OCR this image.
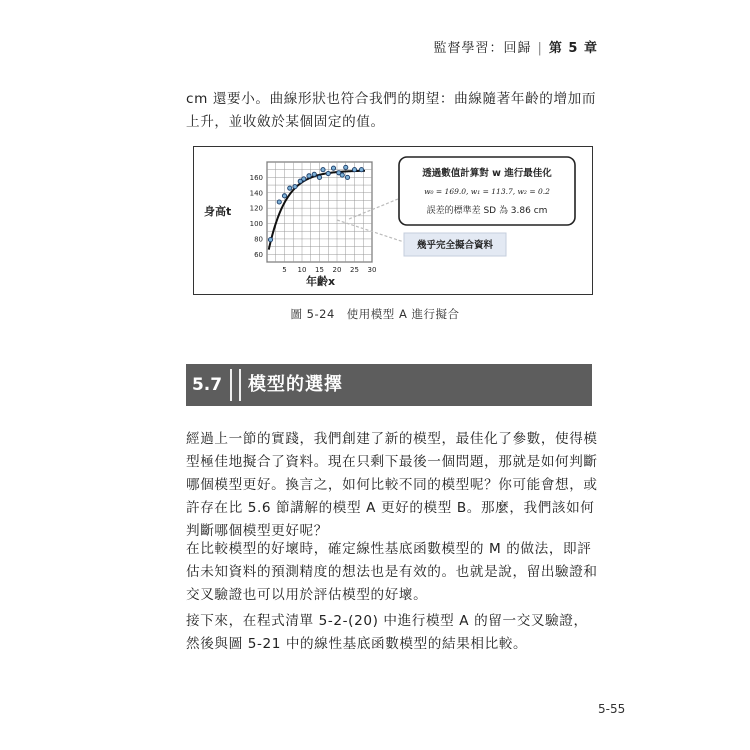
監督學習：回歸 | 第 5 章

cm 還要小。曲線形狀也符合我們的期望：曲線隨著年齡的增加而上升，並收斂於某個固定的值。

身高t
年齡x
5 10 15 20 25 30
60
80
100
120
140
160	透過數值計算對 w 進行最佳化
w₀ = 169.0, w₁ = 113.7, w₂ = 0.2
誤差的標準差 SD 為 3.86 cm
幾乎完全擬合資料
圖 5-24　使用模型 A 進行擬合
5.7	模型的選擇

經過上一節的實踐，我們創建了新的模型，最佳化了參數，使得模型極佳地擬合了資料。現在只剩下最後一個問題，那就是如何判斷哪個模型更好。換言之，如何比較不同的模型呢？你可能會想，或許存在比 5.6 節講解的模型 A 更好的模型 B。那麼，我們該如何判斷哪個模型更好呢？

在比較模型的好壞時，確定線性基底函數模型的 M 的做法，即評估未知資料的預測精度的想法也是有效的。也就是說，留出驗證和交叉驗證也可以用於評估模型的好壞。

接下來，在程式清單 5-2-(20) 中進行模型 A 的留一交叉驗證，然後與圖 5-21 中的線性基底函數模型的結果相比較。

5-55
